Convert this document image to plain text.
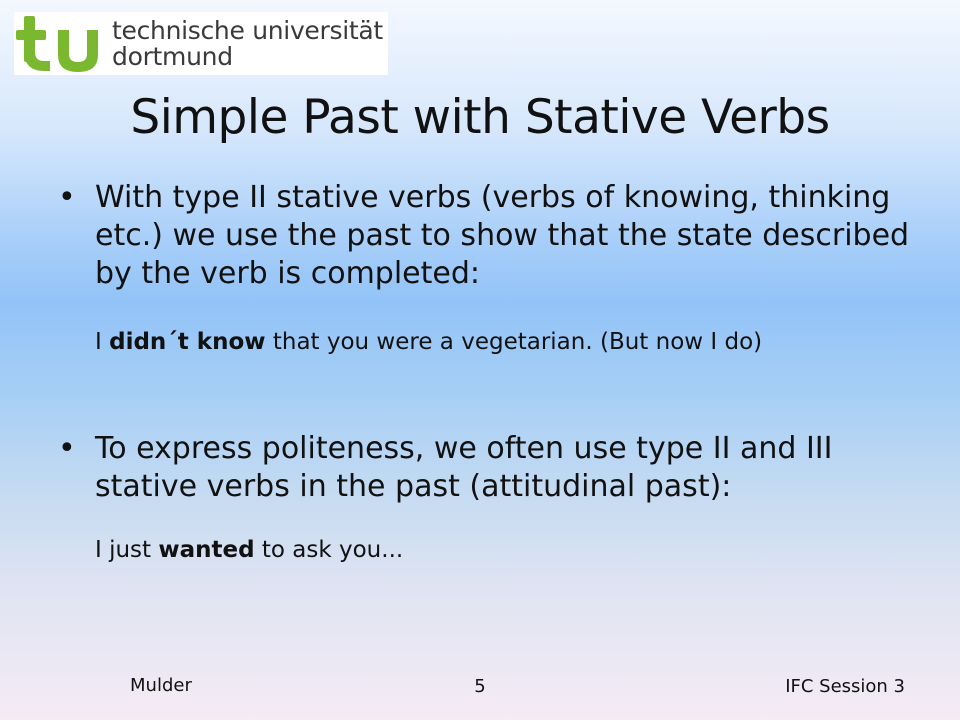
technische universität
dortmund
Simple Past with Stative Verbs
• With type II stative verbs (verbs of knowing, thinking etc.) we use the past to show that the state described by the verb is completed:
I didn´t know that you were a vegetarian. (But now I do)
• To express politeness, we often use type II and III stative verbs in the past (attitudinal past):
I just wanted to ask you...
Mulder	5	IFC Session 3
